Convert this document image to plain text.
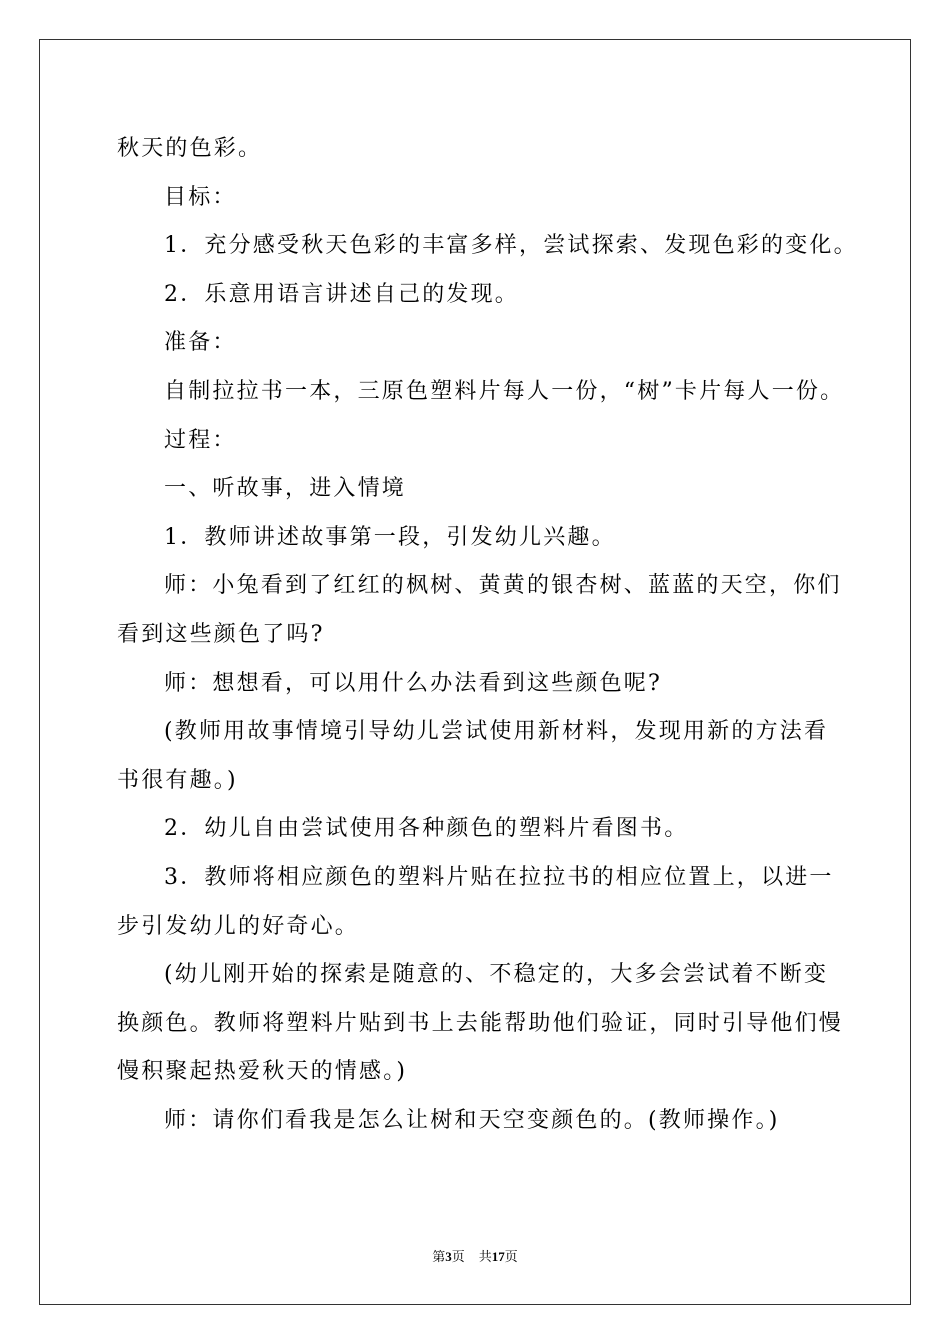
秋天的色彩。
目标：
1．充分感受秋天色彩的丰富多样，尝试探索、发现色彩的变化。
2．乐意用语言讲述自己的发现。
准备：
自制拉拉书一本，三原色塑料片每人一份，“树”卡片每人一份。
过程：
一、听故事，进入情境
1．教师讲述故事第一段，引发幼儿兴趣。
师：小兔看到了红红的枫树、黄黄的银杏树、蓝蓝的天空，你们
看到这些颜色了吗?
师：想想看，可以用什么办法看到这些颜色呢?
(教师用故事情境引导幼儿尝试使用新材料，发现用新的方法看
书很有趣。)
2．幼儿自由尝试使用各种颜色的塑料片看图书。
3．教师将相应颜色的塑料片贴在拉拉书的相应位置上，以进一
步引发幼儿的好奇心。
(幼儿刚开始的探索是随意的、不稳定的，大多会尝试着不断变
换颜色。教师将塑料片贴到书上去能帮助他们验证，同时引导他们慢
慢积聚起热爱秋天的情感。)
师：请你们看我是怎么让树和天空变颜色的。(教师操作。)
第3页 共17页
